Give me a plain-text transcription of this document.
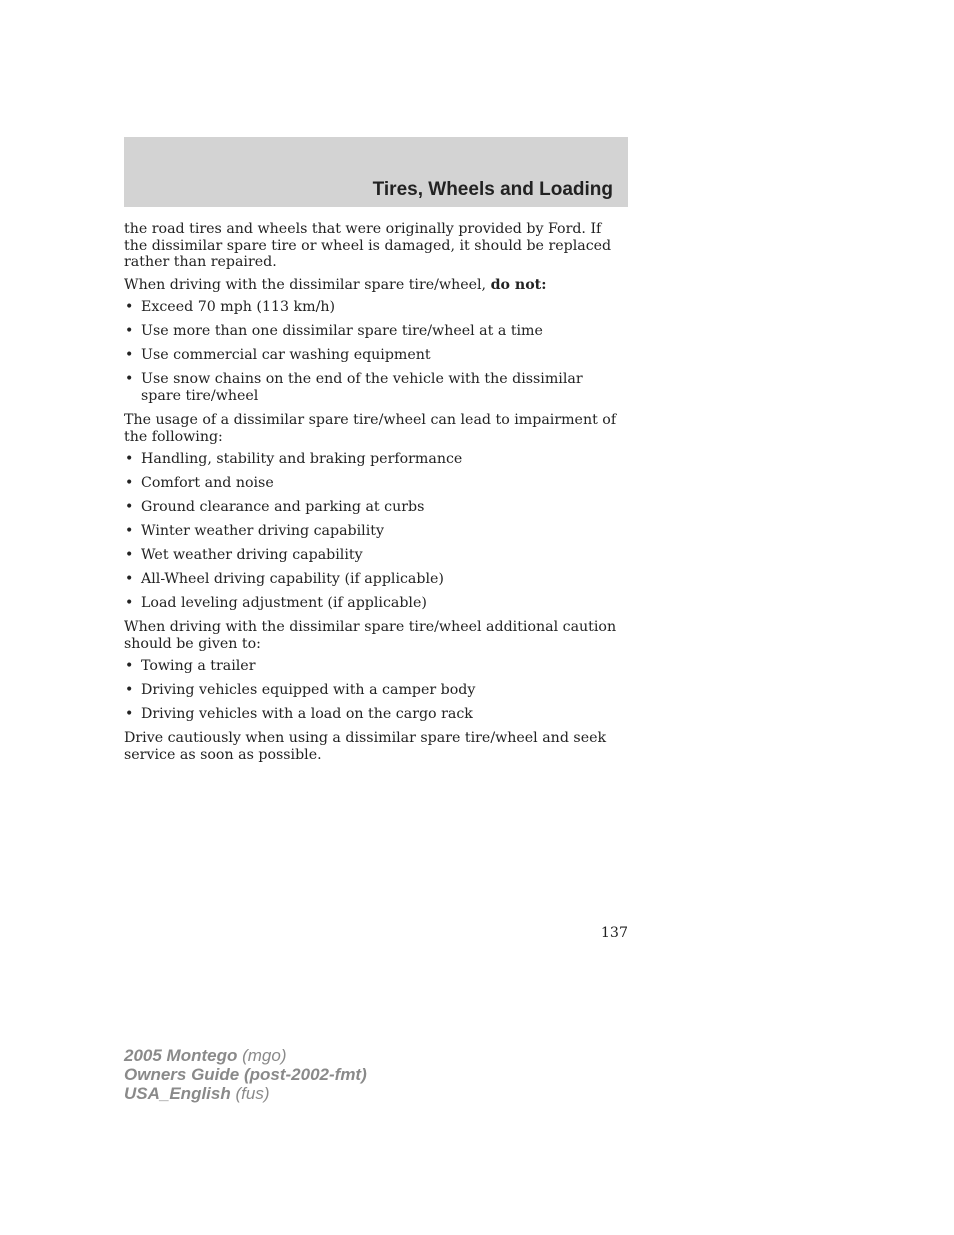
Tires, Wheels and Loading

the road tires and wheels that were originally provided by Ford. If the dissimilar spare tire or wheel is damaged, it should be replaced rather than repaired.

When driving with the dissimilar spare tire/wheel, do not:

• Exceed 70 mph (113 km/h)
• Use more than one dissimilar spare tire/wheel at a time
• Use commercial car washing equipment
• Use snow chains on the end of the vehicle with the dissimilar spare tire/wheel

The usage of a dissimilar spare tire/wheel can lead to impairment of the following:

• Handling, stability and braking performance
• Comfort and noise
• Ground clearance and parking at curbs
• Winter weather driving capability
• Wet weather driving capability
• All-Wheel driving capability (if applicable)
• Load leveling adjustment (if applicable)

When driving with the dissimilar spare tire/wheel additional caution should be given to:

• Towing a trailer
• Driving vehicles equipped with a camper body
• Driving vehicles with a load on the cargo rack

Drive cautiously when using a dissimilar spare tire/wheel and seek service as soon as possible.

137
2005 Montego (mgo)
Owners Guide (post-2002-fmt)
USA_English (fus)
